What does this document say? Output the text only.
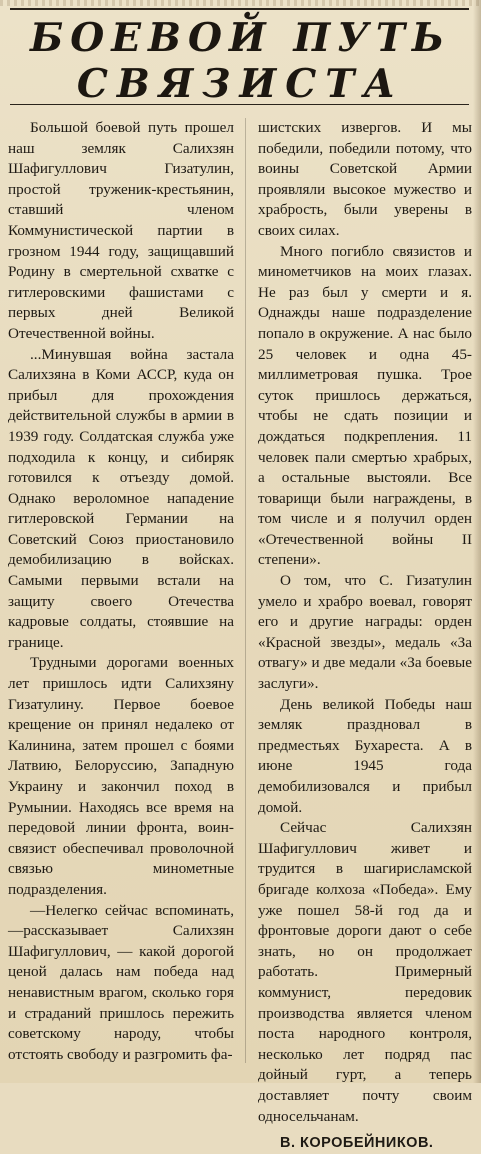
БОЕВОЙ ПУТЬ
СВЯЗИСТА

Большой боевой путь прошел наш земляк Салихзян Шафигуллович Гизатулин, простой труженик-крестьянин, ставший членом Коммунистической партии в грозном 1944 году, защищавший Родину в смертельной схватке с гитлеровскими фашистами с первых дней Великой Отечественной войны.

...Минувшая война застала Салихзяна в Коми АССР, куда он прибыл для прохождения действительной службы в армии в 1939 году. Солдатская служба уже подходила к концу, и сибиряк готовился к отъезду домой. Однако вероломное нападение гитлеровской Германии на Советский Союз приостановило демобилизацию в войсках. Самыми первыми встали на защиту своего Отечества кадровые солдаты, стоявшие на границе.

Трудными дорогами военных лет пришлось идти Салихзяну Гизатулину. Первое боевое крещение он принял недалеко от Калинина, затем прошел с боями Латвию, Белоруссию, Западную Украину и закончил поход в Румынии. Находясь все время на передовой линии фронта, воин-связист обеспечивал проволочной связью минометные подразделения.

—Нелегко сейчас вспоминать, —рассказывает Салихзян Шафигуллович, — какой дорогой ценой далась нам победа над ненавистным врагом, сколько горя и страданий пришлось пережить советскому народу, чтобы отстоять свободу и разгромить фа-

шистских извергов. И мы победили, победили потому, что воины Советской Армии проявляли высокое мужество и храбрость, были уверены в своих силах.

Много погибло связистов и минометчиков на моих глазах. Не раз был у смерти и я. Однажды наше подразделение попало в окружение. А нас было 25 человек и одна 45-миллиметровая пушка. Трое суток пришлось держаться, чтобы не сдать позиции и дождаться подкрепления. 11 человек пали смертью храбрых, а остальные выстояли. Все товарищи были награждены, в том числе и я получил орден «Отечественной войны II степени».

О том, что С. Гизатулин умело и храбро воевал, говорят его и другие награды: орден «Красной звезды», медаль «За отвагу» и две медали «За боевые заслуги».

День великой Победы наш земляк праздновал в предместьях Бухареста. А в июне 1945 года демобилизовался и прибыл домой.

Сейчас Салихзян Шафигуллович живет и трудится в шагирисламской бригаде колхоза «Победа». Ему уже пошел 58-й год да и фронтовые дороги дают о себе знать, но он продолжает работать. Примерный коммунист, передовик производства является членом поста народного контроля, несколько лет подряд пас дойный гурт, а теперь доставляет почту своим односельчанам.

В. КОРОБЕЙНИКОВ.
